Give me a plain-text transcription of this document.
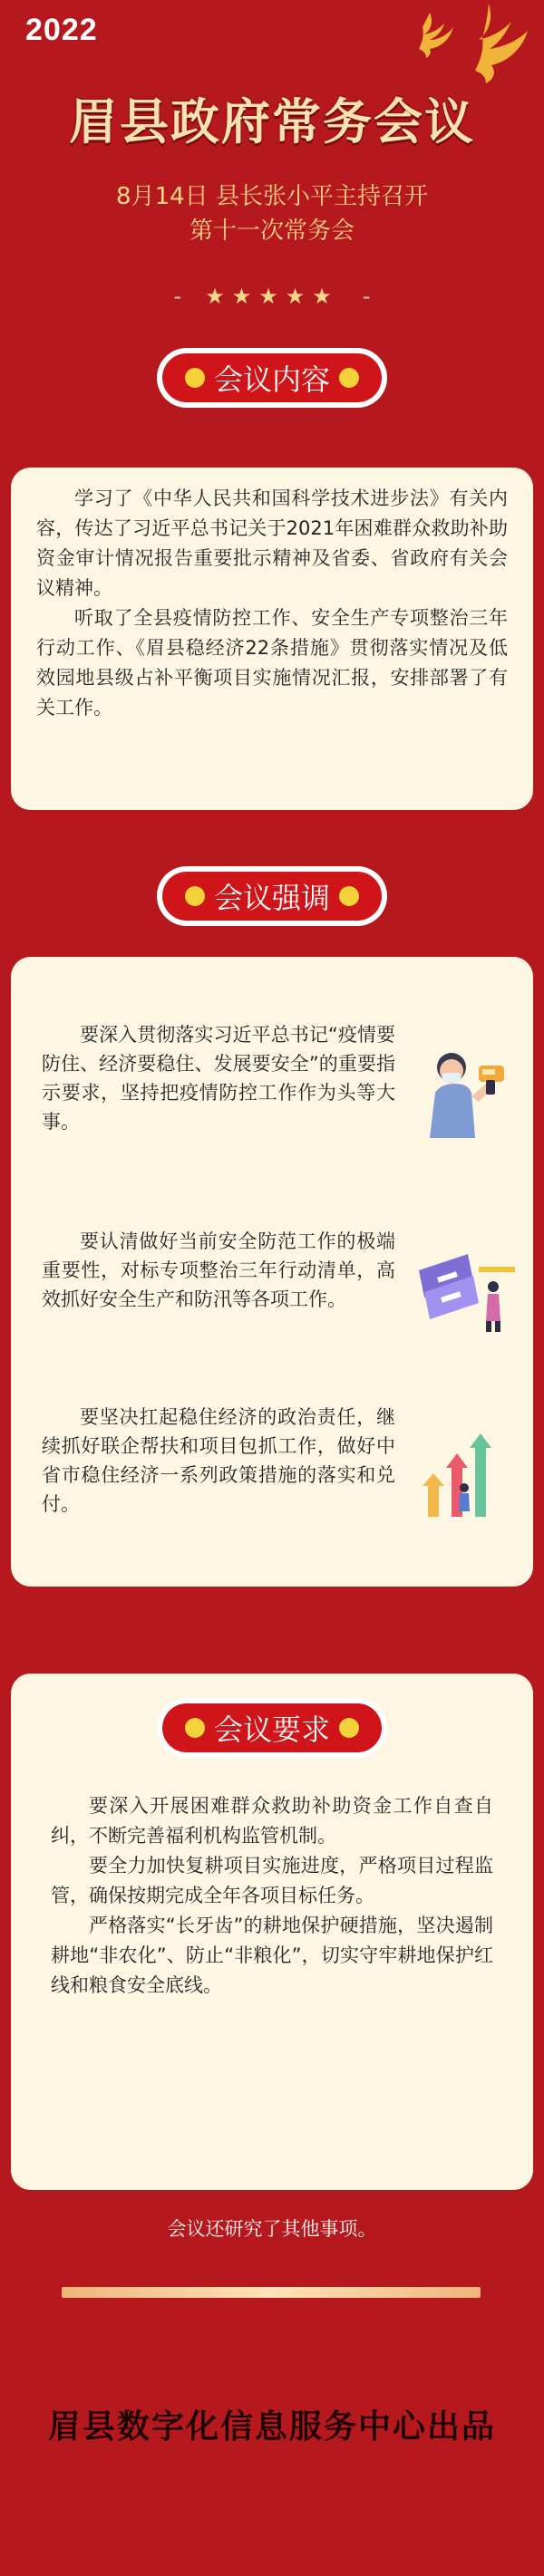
2022
眉县政府常务会议
8月14日 县长张小平主持召开
第十一次常务会
- ★★★★★ -
会议内容

学习了《中华人民共和国科学技术进步法》有关内容，传达了习近平总书记关于2021年困难群众救助补助资金审计情况报告重要批示精神及省委、省政府有关会议精神。

听取了全县疫情防控工作、安全生产专项整治三年行动工作、《眉县稳经济22条措施》贯彻落实情况及低效园地县级占补平衡项目实施情况汇报，安排部署了有关工作。

会议强调

要深入贯彻落实习近平总书记“疫情要防住、经济要稳住、发展要安全”的重要指示要求，坚持把疫情防控工作作为头等大事。

要认清做好当前安全防范工作的极端重要性，对标专项整治三年行动清单，高效抓好安全生产和防汛等各项工作。

要坚决扛起稳住经济的政治责任，继续抓好联企帮扶和项目包抓工作，做好中省市稳住经济一系列政策措施的落实和兑付。

要深入开展困难群众救助补助资金工作自查自纠，不断完善福利机构监管机制。

要全力加快复耕项目实施进度，严格项目过程监管，确保按期完成全年各项目标任务。

严格落实“长牙齿”的耕地保护硬措施，坚决遏制耕地“非农化”、防止“非粮化”，切实守牢耕地保护红线和粮食安全底线。

会议要求
会议还研究了其他事项。
眉县数字化信息服务中心出品
